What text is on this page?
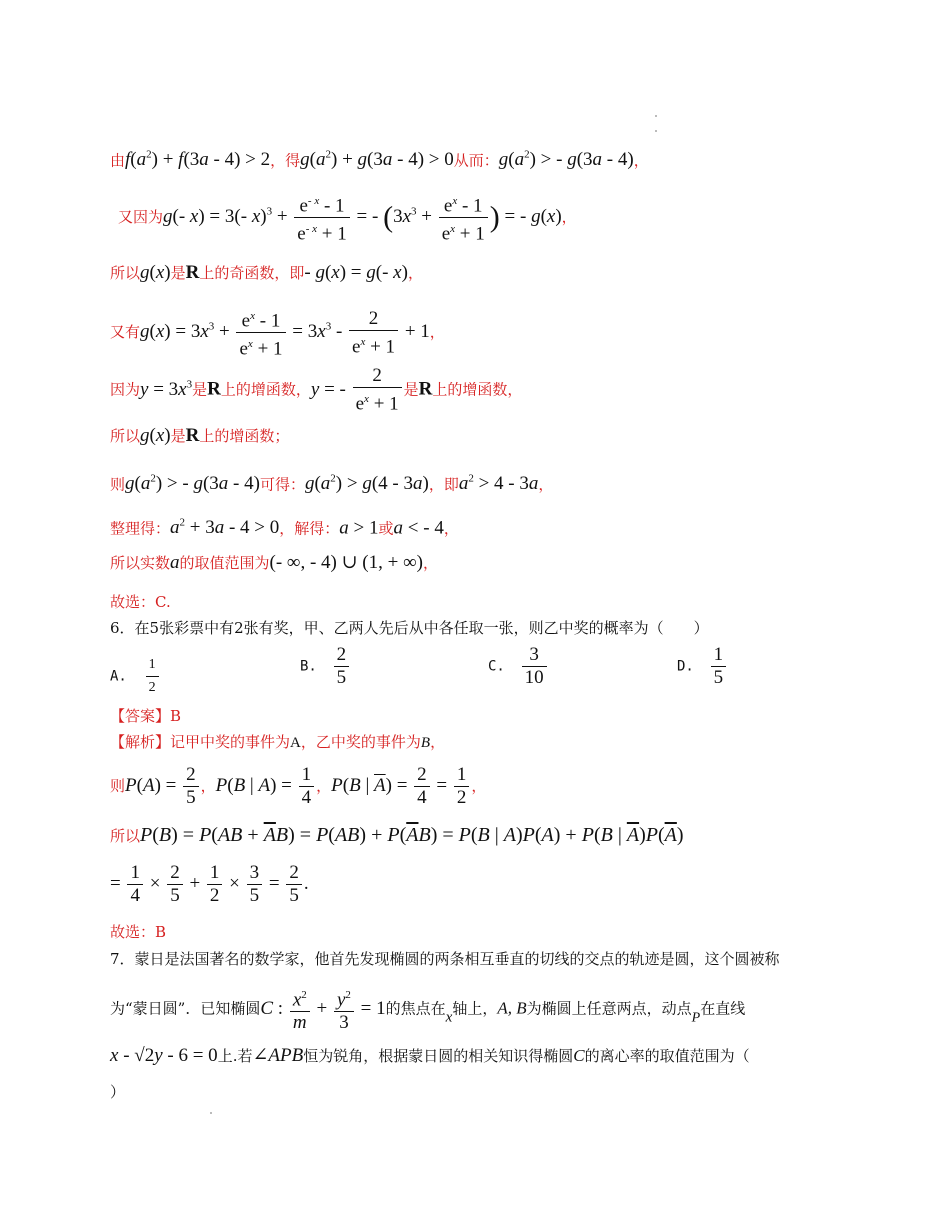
由$f(a^2) + f(3a - 4) > 2$，得$g(a^2) + g(3a - 4) > 0$从而：$g(a^2)$ > - g(3a - 4)，
又因为g(- x) = 3(- $x)^3 + \frac{e^{- x} - 1}{e^{- x} + 1}$ = - ($3x^3 + \frac{e^x - 1}{e^x + 1}$ ) = - g(x)，
所以g(x)是R上的奇函数，即- g(x) = g(- x)，
又有$g(x) = 3x^3 + \frac{e^x - 1}{e^x + 1} = 3x^3 - \frac{2}{e^x + 1} + 1$，
因为$y = 3x^3$是R上的增函数，y = - $\frac{2}{e^x + 1}$ 是R上的增函数，
所以g(x)是R上的增函数；
则$g(a^2)$ > - g(3a - 4)可得：$g(a^2) > g(4 - 3a)$，即$a^2 > 4 - 3a$，
整理得：$a^2 + 3a - 4 > 0$，解得：a > 1或a < - 4，
所以实数a的取值范围为(- ∞, - 4) ∪ (1, + ∞)，
故选：C.
6．在5张彩票中有2张有奖，甲、乙两人先后从中各任取一张，则乙中奖的概率为（　　）
A. $\frac{1}{2}$	B. $\frac{2}{5}$	C. $\frac{3}{10}$	D. $\frac{1}{5}$
【答案】B
【解析】记甲中奖的事件为A，乙中奖的事件为B，
则$P(A) = \frac{2}{5}$ ，P(B | $A) = \frac{1}{4}$ ，P(B | $\overline{A}) = \frac{2}{4} = \frac{1}{2}$ ，
所以$P(B) = P(AB + \overline{A}B) = P(AB) + P(\overline{A}B) = P(B$ | A)P(A) + P(B | $\overline{A})P(\overline{A})$
= $\frac{1}{4} \times \frac{2}{5} + \frac{1}{2} \times \frac{3}{5} = \frac{2}{5}$ .
故选：B
7．蒙日是法国著名的数学家，他首先发现椭圆的两条相互垂直的切线的交点的轨迹是圆，这个圆被称
为“蒙日圆”．已知椭圆C : $\frac{x^2}{m} + \frac{y^2}{3} = 1$的焦点在x轴上，A, B为椭圆上任意两点，动点P在直线
x - √2y - 6 = 0上.若∠APB恒为锐角，根据蒙日圆的相关知识得椭圆C的离心率的取值范围为（
）
